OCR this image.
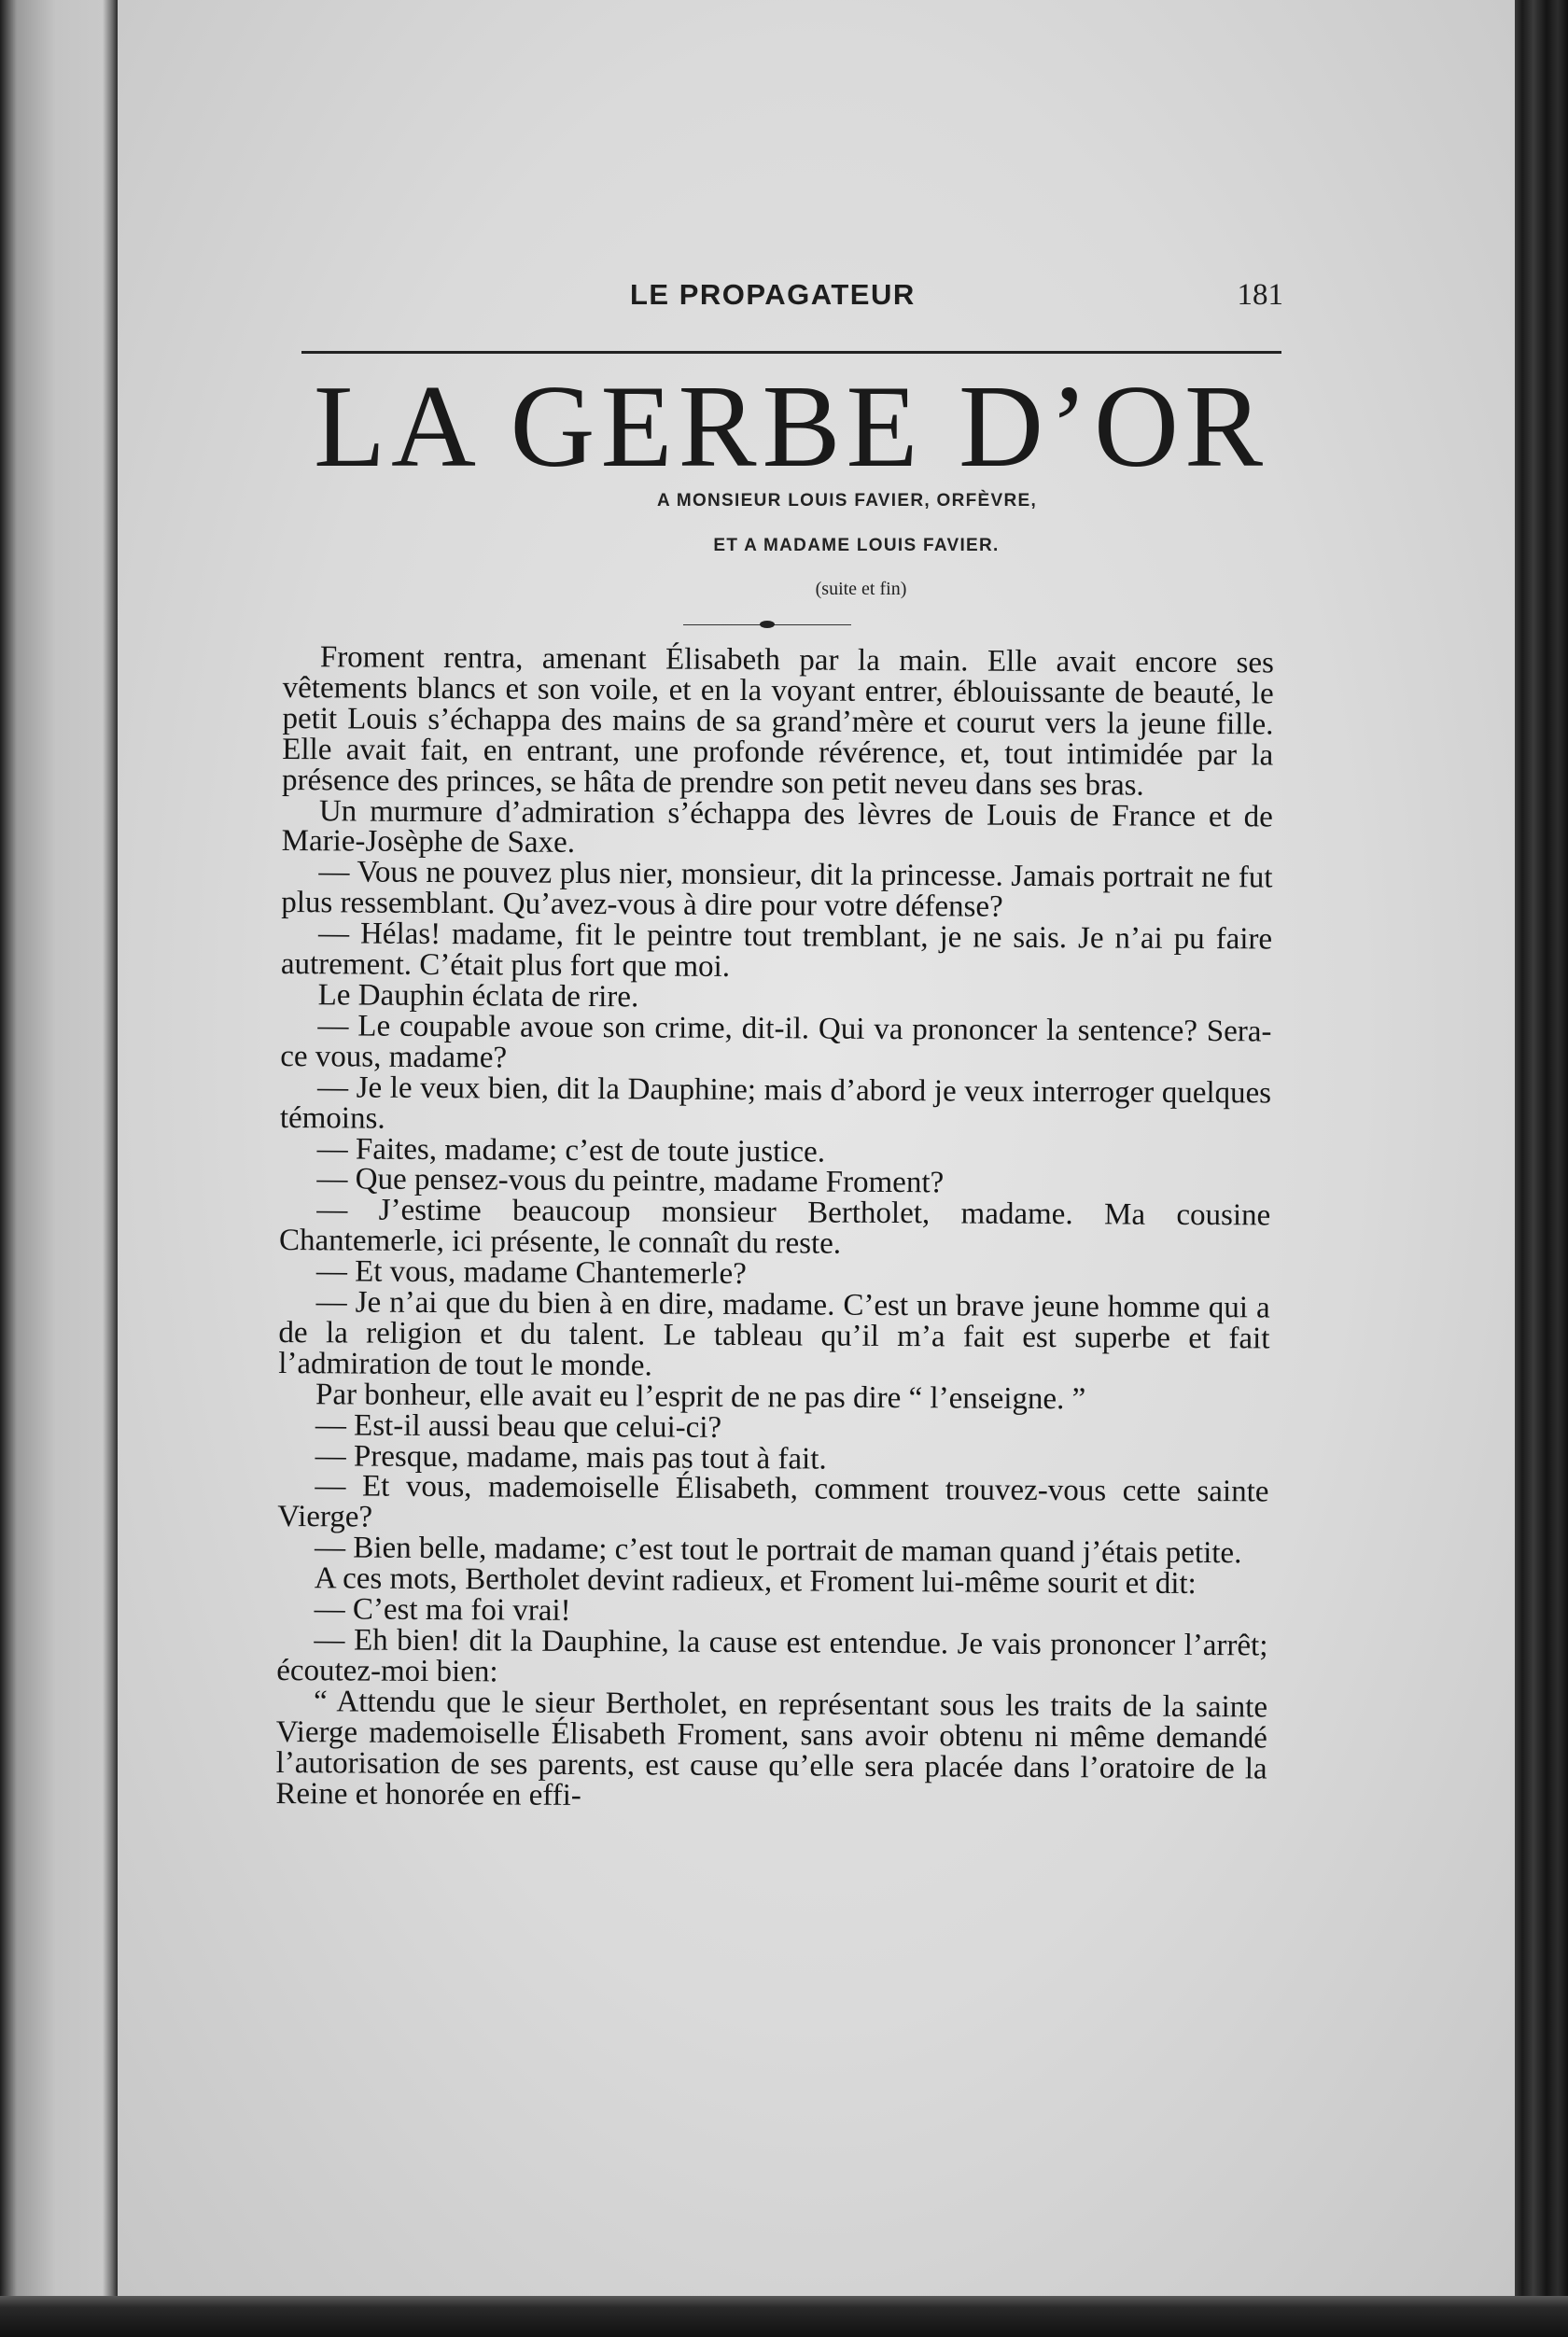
LE PROPAGATEUR	181
LA GERBE D’OR
A MONSIEUR LOUIS FAVIER, ORFÈVRE,
ET A MADAME LOUIS FAVIER.
(suite et fin)

Froment rentra, amenant Élisabeth par la main. Elle avait encore ses vêtements blancs et son voile, et en la voyant entrer, éblouissante de beauté, le petit Louis s’échappa des mains de sa grand’mère et courut vers la jeune fille. Elle avait fait, en entrant, une profonde révérence, et, tout intimidée par la présence des princes, se hâta de prendre son petit neveu dans ses bras.

Un murmure d’admiration s’échappa des lèvres de Louis de France et de Marie-Josèphe de Saxe.

— Vous ne pouvez plus nier, monsieur, dit la princesse. Jamais portrait ne fut plus ressemblant. Qu’avez-vous à dire pour votre défense?

— Hélas! madame, fit le peintre tout tremblant, je ne sais. Je n’ai pu faire autrement. C’était plus fort que moi.

Le Dauphin éclata de rire.

— Le coupable avoue son crime, dit-il. Qui va prononcer la sentence? Sera-ce vous, madame?

— Je le veux bien, dit la Dauphine; mais d’abord je veux interroger quelques témoins.

— Faites, madame; c’est de toute justice.

— Que pensez-vous du peintre, madame Froment?

— J’estime beaucoup monsieur Bertholet, madame. Ma cousine Chantemerle, ici présente, le connaît du reste.

— Et vous, madame Chantemerle?

— Je n’ai que du bien à en dire, madame. C’est un brave jeune homme qui a de la religion et du talent. Le tableau qu’il m’a fait est superbe et fait l’admiration de tout le monde.

Par bonheur, elle avait eu l’esprit de ne pas dire “ l’enseigne. ”

— Est-il aussi beau que celui-ci?

— Presque, madame, mais pas tout à fait.

— Et vous, mademoiselle Élisabeth, comment trouvez-vous cette sainte Vierge?

— Bien belle, madame; c’est tout le portrait de maman quand j’étais petite.

A ces mots, Bertholet devint radieux, et Froment lui-même sourit et dit:

— C’est ma foi vrai!

— Eh bien! dit la Dauphine, la cause est entendue. Je vais prononcer l’arrêt; écoutez-moi bien:

“ Attendu que le sieur Bertholet, en représentant sous les traits de la sainte Vierge mademoiselle Élisabeth Froment, sans avoir obtenu ni même demandé l’autorisation de ses parents, est cause qu’elle sera placée dans l’oratoire de la Reine et honorée en effi-
